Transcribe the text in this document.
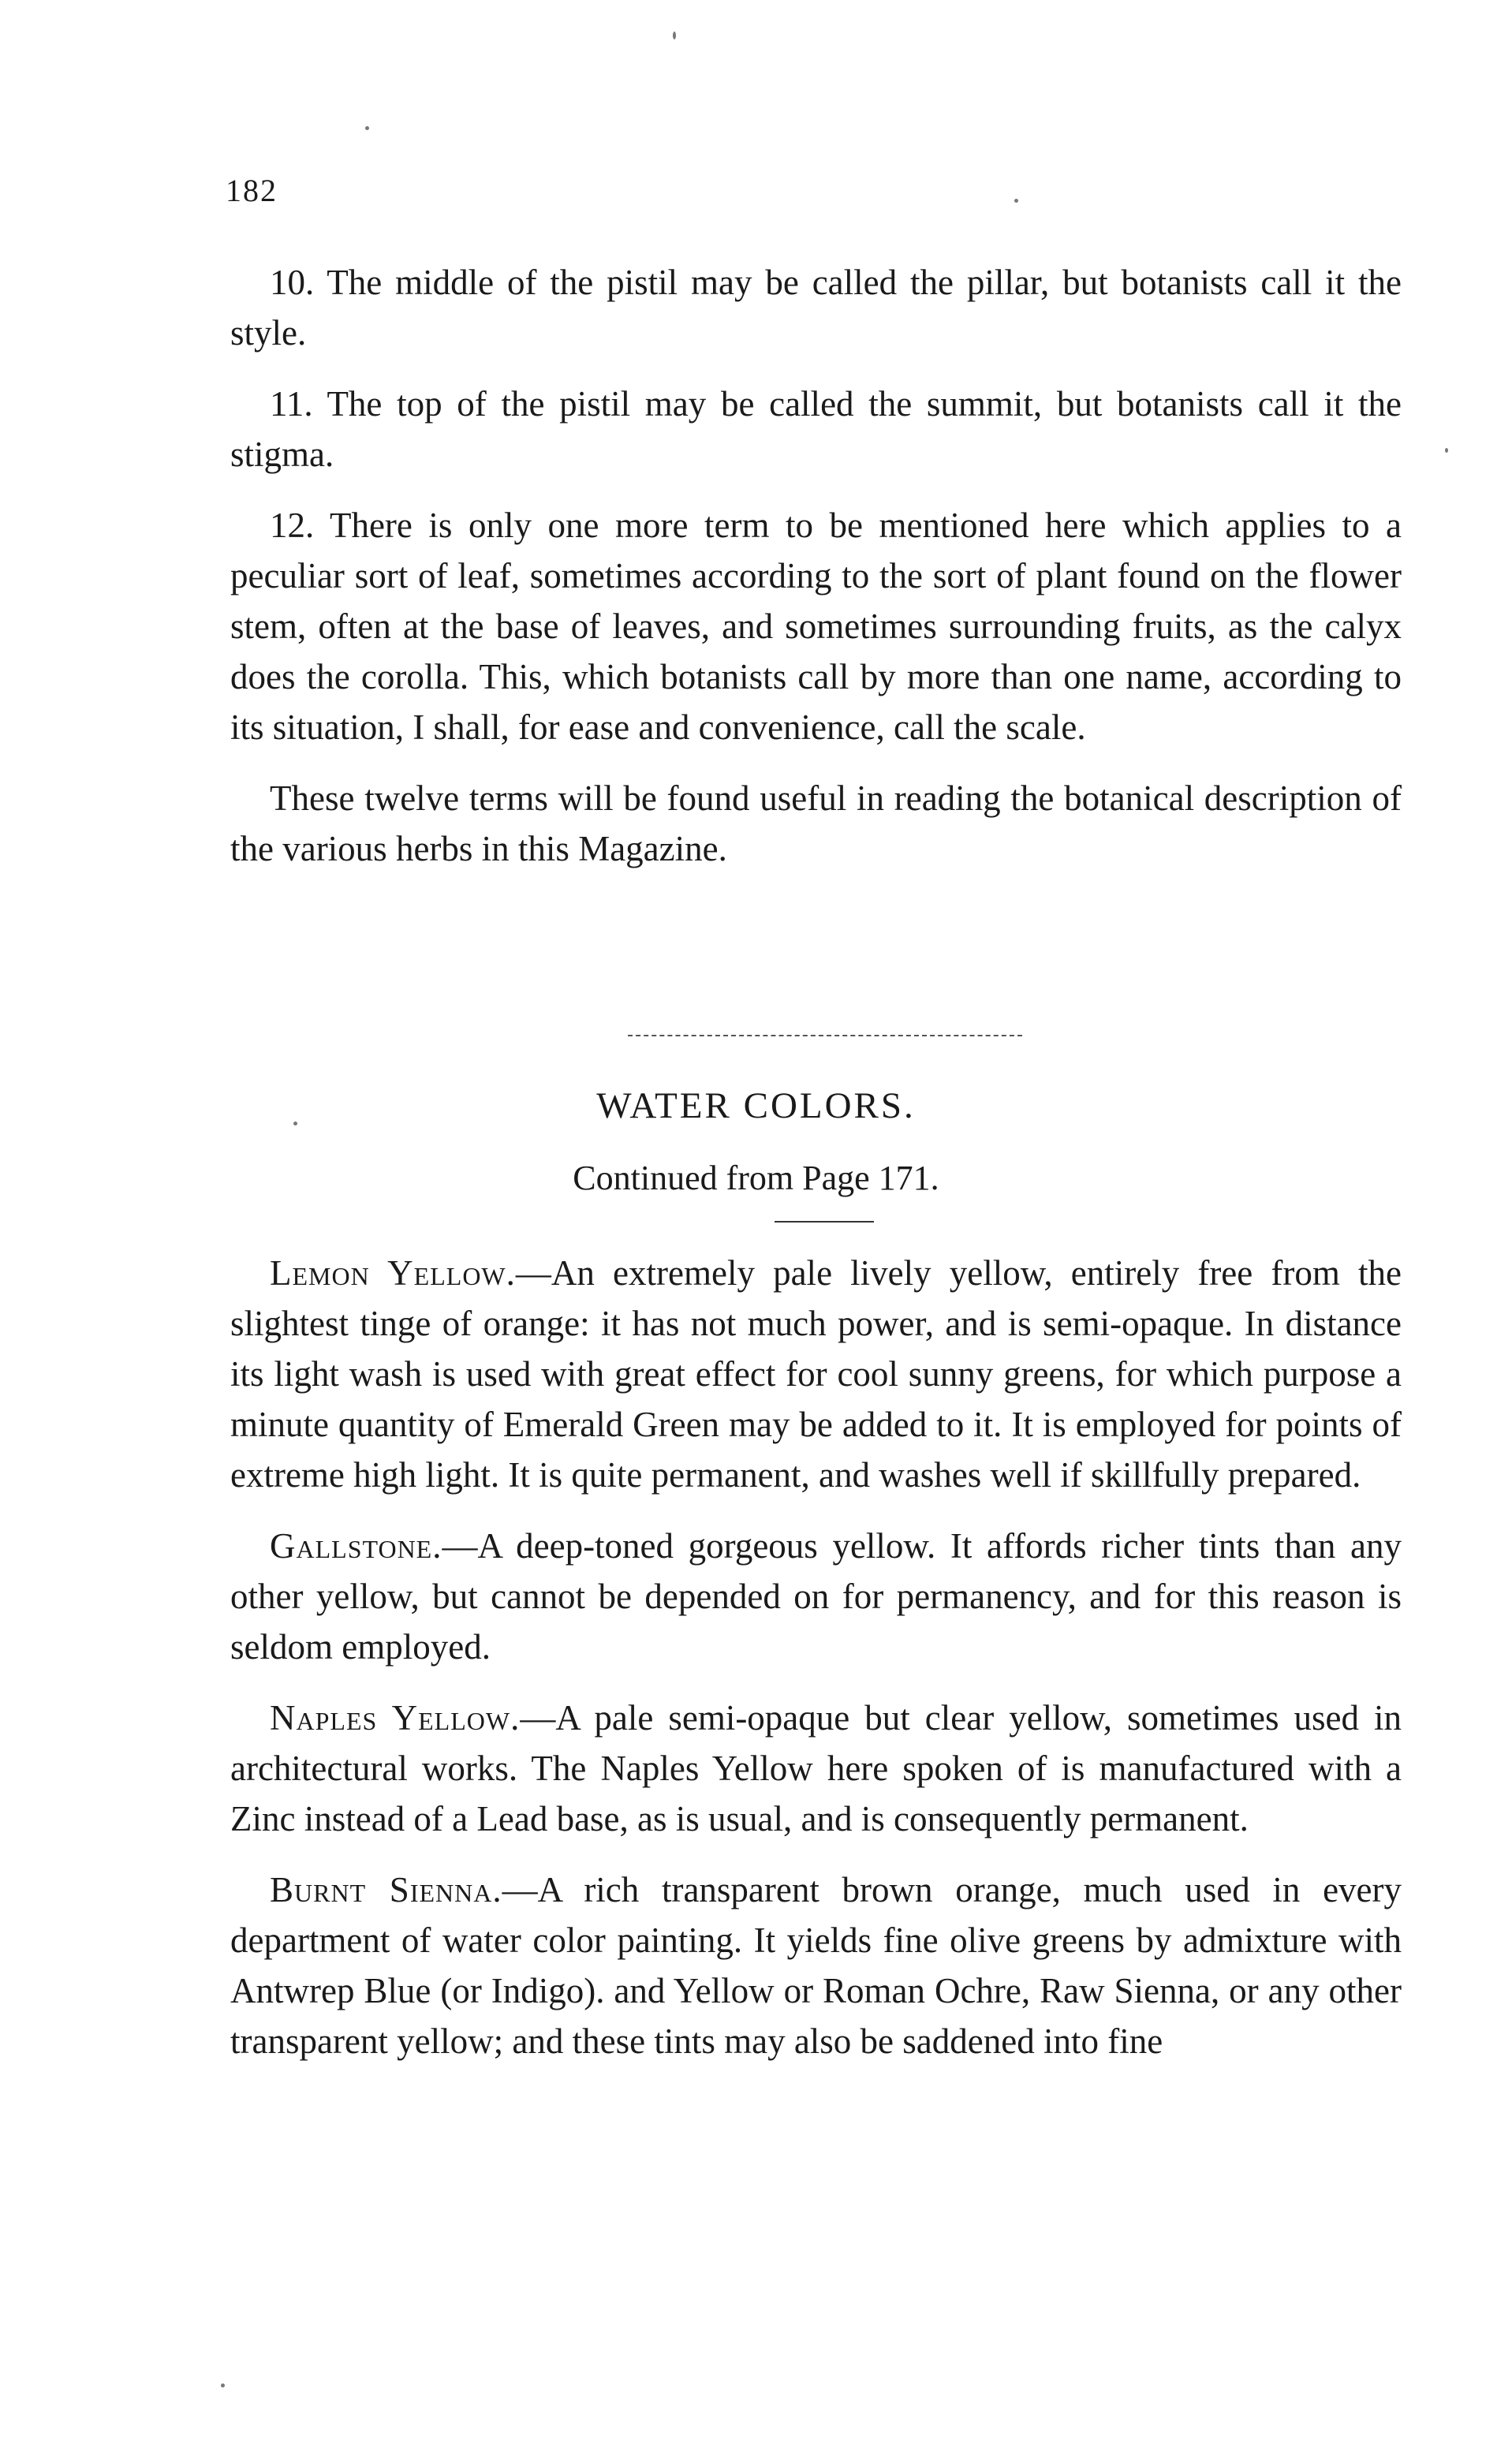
182

10. The middle of the pistil may be called the pillar, but botanists call it the style.

11. The top of the pistil may be called the summit, but botanists call it the stigma.

12. There is only one more term to be mentioned here which applies to a peculiar sort of leaf, sometimes according to the sort of plant found on the flower stem, often at the base of leaves, and sometimes surrounding fruits, as the calyx does the corolla. This, which botanists call by more than one name, according to its situation, I shall, for ease and convenience, call the scale.

These twelve terms will be found useful in reading the botanical description of the various herbs in this Magazine.

WATER COLORS.
Continued from Page 171.

Lemon Yellow.—An extremely pale lively yellow, entirely free from the slightest tinge of orange: it has not much power, and is semi-opaque. In distance its light wash is used with great effect for cool sunny greens, for which purpose a minute quantity of Emerald Green may be added to it. It is employed for points of extreme high light. It is quite permanent, and washes well if skillfully prepared.

Gallstone.—A deep-toned gorgeous yellow. It affords richer tints than any other yellow, but cannot be depended on for permanency, and for this reason is seldom employed.

Naples Yellow.—A pale semi-opaque but clear yellow, sometimes used in architectural works. The Naples Yellow here spoken of is manufactured with a Zinc instead of a Lead base, as is usual, and is consequently permanent.

Burnt Sienna.—A rich transparent brown orange, much used in every department of water color painting. It yields fine olive greens by admixture with Antwrep Blue (or Indigo). and Yellow or Roman Ochre, Raw Sienna, or any other transparent yellow; and these tints may also be saddened into fine
